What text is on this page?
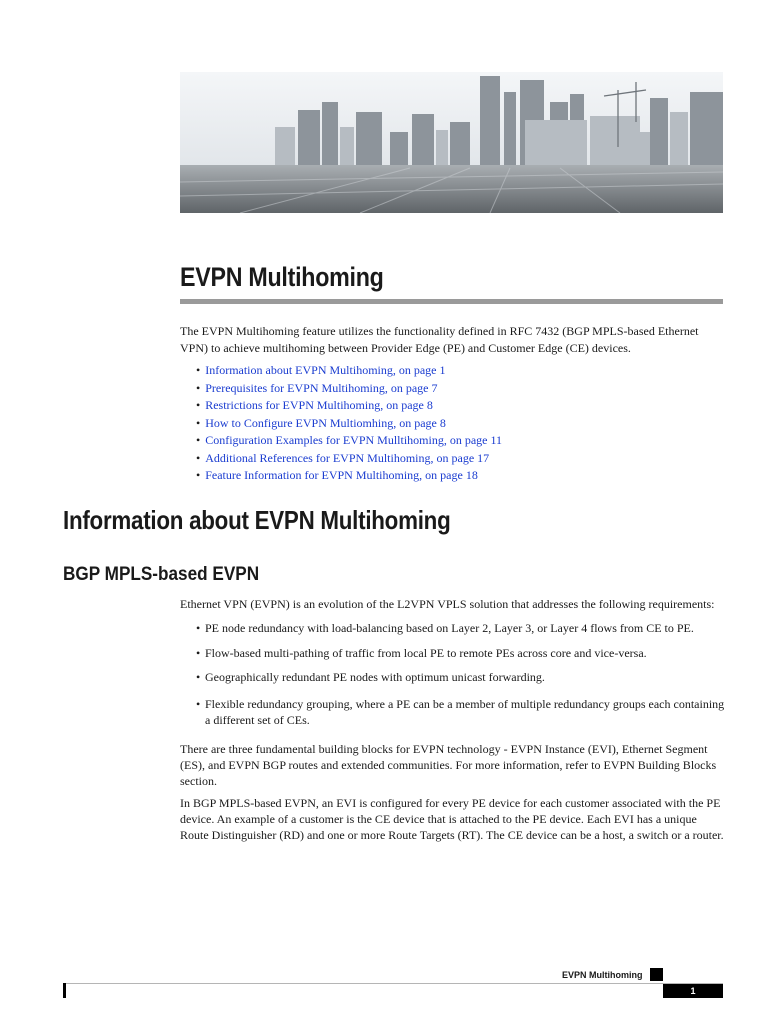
EVPN Multihoming

The EVPN Multihoming feature utilizes the functionality defined in RFC 7432 (BGP MPLS-based Ethernet VPN) to achieve multihoming between Provider Edge (PE) and Customer Edge (CE) devices.

• Information about EVPN Multihoming, on page 1
• Prerequisites for EVPN Multihoming, on page 7
• Restrictions for EVPN Multihoming, on page 8
• How to Configure EVPN Multiomhing, on page 8
• Configuration Examples for EVPN Mulltihoming, on page 11
• Additional References for EVPN Multihoming, on page 17
• Feature Information for EVPN Multihoming, on page 18
Information about EVPN Multihoming
BGP MPLS-based EVPN

Ethernet VPN (EVPN) is an evolution of the L2VPN VPLS solution that addresses the following requirements:

• PE node redundancy with load-balancing based on Layer 2, Layer 3, or Layer 4 flows from CE to PE.
• Flow-based multi-pathing of traffic from local PE to remote PEs across core and vice-versa.
• Geographically redundant PE nodes with optimum unicast forwarding.
• Flexible redundancy grouping, where a PE can be a member of multiple redundancy groups each containing a different set of CEs.

There are three fundamental building blocks for EVPN technology - EVPN Instance (EVI), Ethernet Segment (ES), and EVPN BGP routes and extended communities. For more information, refer to EVPN Building Blocks section.

In BGP MPLS-based EVPN, an EVI is configured for every PE device for each customer associated with the PE device. An example of a customer is the CE device that is attached to the PE device. Each EVI has a unique Route Distinguisher (RD) and one or more Route Targets (RT). The CE device can be a host, a switch or a router.

EVPN Multihoming
1
